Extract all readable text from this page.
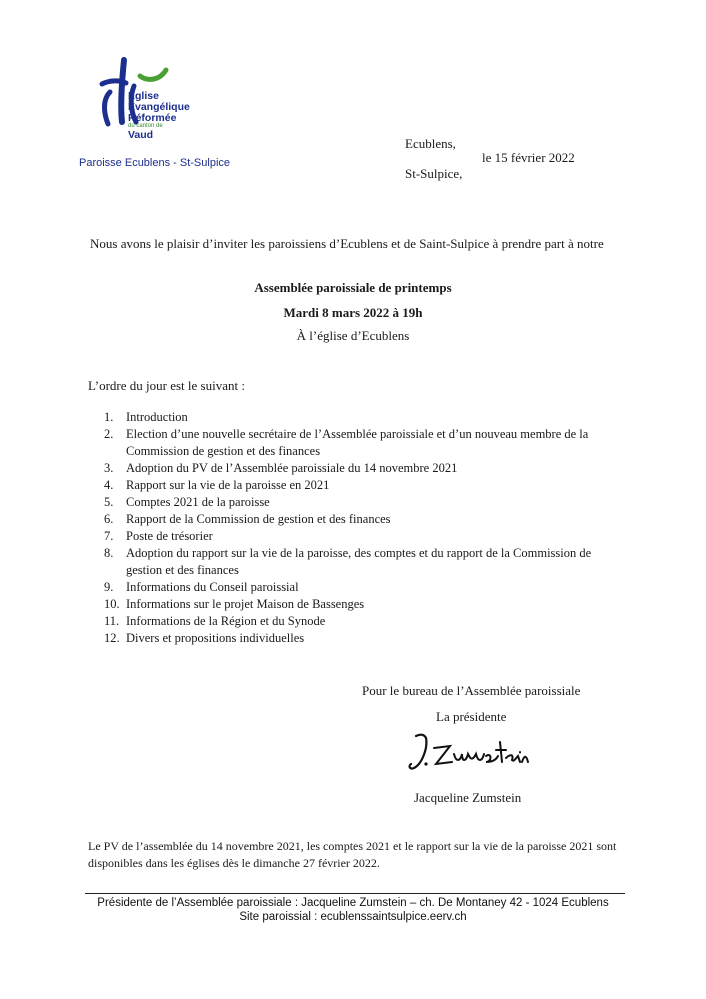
Eglise
Evangélique
Réformée
du canton de
Vaud
Paroisse Ecublens - St-Sulpice
Ecublens,
le 15 février 2022
St-Sulpice,
Nous avons le plaisir d’inviter les paroissiens d’Ecublens et de Saint-Sulpice à prendre part à notre
Assemblée paroissiale de printemps
Mardi 8 mars 2022 à 19h
À l’église d’Ecublens
L’ordre du jour est le suivant :
1.	Introduction
2.	Election d’une nouvelle secrétaire de l’Assemblée paroissiale et d’un nouveau membre de la Commission de gestion et des finances
3.	Adoption du PV de l’Assemblée paroissiale du 14 novembre 2021
4.	Rapport sur la vie de la paroisse en 2021
5.	Comptes 2021 de la paroisse
6.	Rapport de la Commission de gestion et des finances
7.	Poste de trésorier
8.	Adoption du rapport sur la vie de la paroisse, des comptes et du rapport de la Commission de gestion et des finances
9.	Informations du Conseil paroissial
10. Informations sur le projet Maison de Bassenges
11. Informations de la Région et du Synode
12. Divers et propositions individuelles
Pour le bureau de l’Assemblée paroissiale
La présidente
Jacqueline Zumstein
Le PV de l’assemblée du 14 novembre 2021, les comptes 2021 et le rapport sur la vie de la paroisse 2021 sont disponibles dans les églises dès le dimanche 27 février 2022.
Présidente de l’Assemblée paroissiale : Jacqueline Zumstein – ch. De Montaney 42 - 1024 Ecublens
Site paroissial : ecublenssaintsulpice.eerv.ch
